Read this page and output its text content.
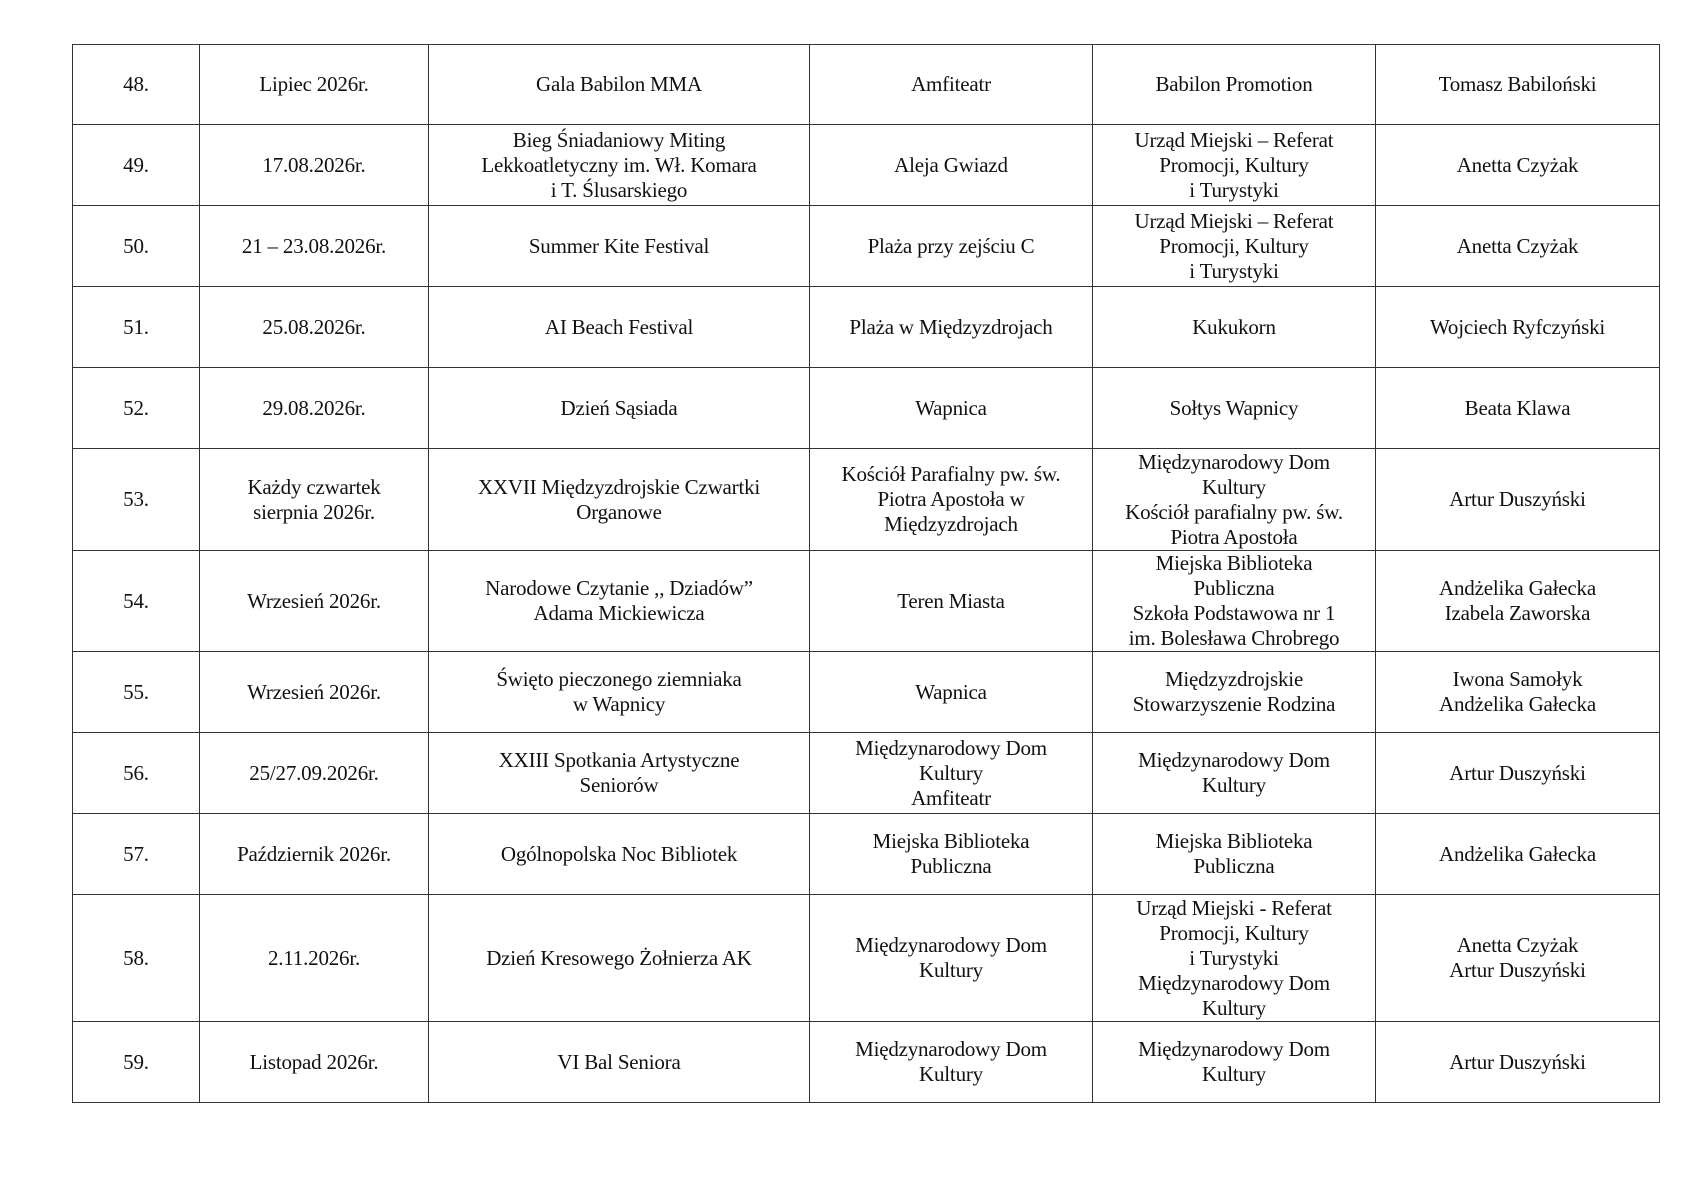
48.	Lipiec 2026r.	Gala Babilon MMA	Amfiteatr	Babilon Promotion	Tomasz Babiloński
49.	17.08.2026r.	Bieg Śniadaniowy Miting
Lekkoatletyczny im. Wł. Komara
i T. Ślusarskiego	Aleja Gwiazd	Urząd Miejski – Referat
Promocji, Kultury
i Turystyki	Anetta Czyżak
50.	21 – 23.08.2026r.	Summer Kite Festival	Plaża przy zejściu C	Urząd Miejski – Referat
Promocji, Kultury
i Turystyki	Anetta Czyżak
51.	25.08.2026r.	AI Beach Festival	Plaża w Międzyzdrojach	Kukukorn	Wojciech Ryfczyński
52.	29.08.2026r.	Dzień Sąsiada	Wapnica	Sołtys Wapnicy	Beata Klawa
53.	Każdy czwartek
sierpnia 2026r.	XXVII Międzyzdrojskie Czwartki
Organowe	Kościół Parafialny pw. św.
Piotra Apostoła w
Międzyzdrojach	Międzynarodowy Dom
Kultury
Kościół parafialny pw. św.
Piotra Apostoła	Artur Duszyński
54.	Wrzesień 2026r.	Narodowe Czytanie ,, Dziadów”
Adama Mickiewicza	Teren Miasta	Miejska Biblioteka
Publiczna
Szkoła Podstawowa nr 1
im. Bolesława Chrobrego	Andżelika Gałecka
Izabela Zaworska
55.	Wrzesień 2026r.	Święto pieczonego ziemniaka
w Wapnicy	Wapnica	Międzyzdrojskie
Stowarzyszenie Rodzina	Iwona Samołyk
Andżelika Gałecka
56.	25/27.09.2026r.	XXIII Spotkania Artystyczne
Seniorów	Międzynarodowy Dom
Kultury
Amfiteatr	Międzynarodowy Dom
Kultury	Artur Duszyński
57.	Październik 2026r.	Ogólnopolska Noc Bibliotek	Miejska Biblioteka
Publiczna	Miejska Biblioteka
Publiczna	Andżelika Gałecka
58.	2.11.2026r.	Dzień Kresowego Żołnierza AK	Międzynarodowy Dom
Kultury	Urząd Miejski - Referat
Promocji, Kultury
i Turystyki
Międzynarodowy Dom
Kultury	Anetta Czyżak
Artur Duszyński
59.	Listopad 2026r.	VI Bal Seniora	Międzynarodowy Dom
Kultury	Międzynarodowy Dom
Kultury	Artur Duszyński
